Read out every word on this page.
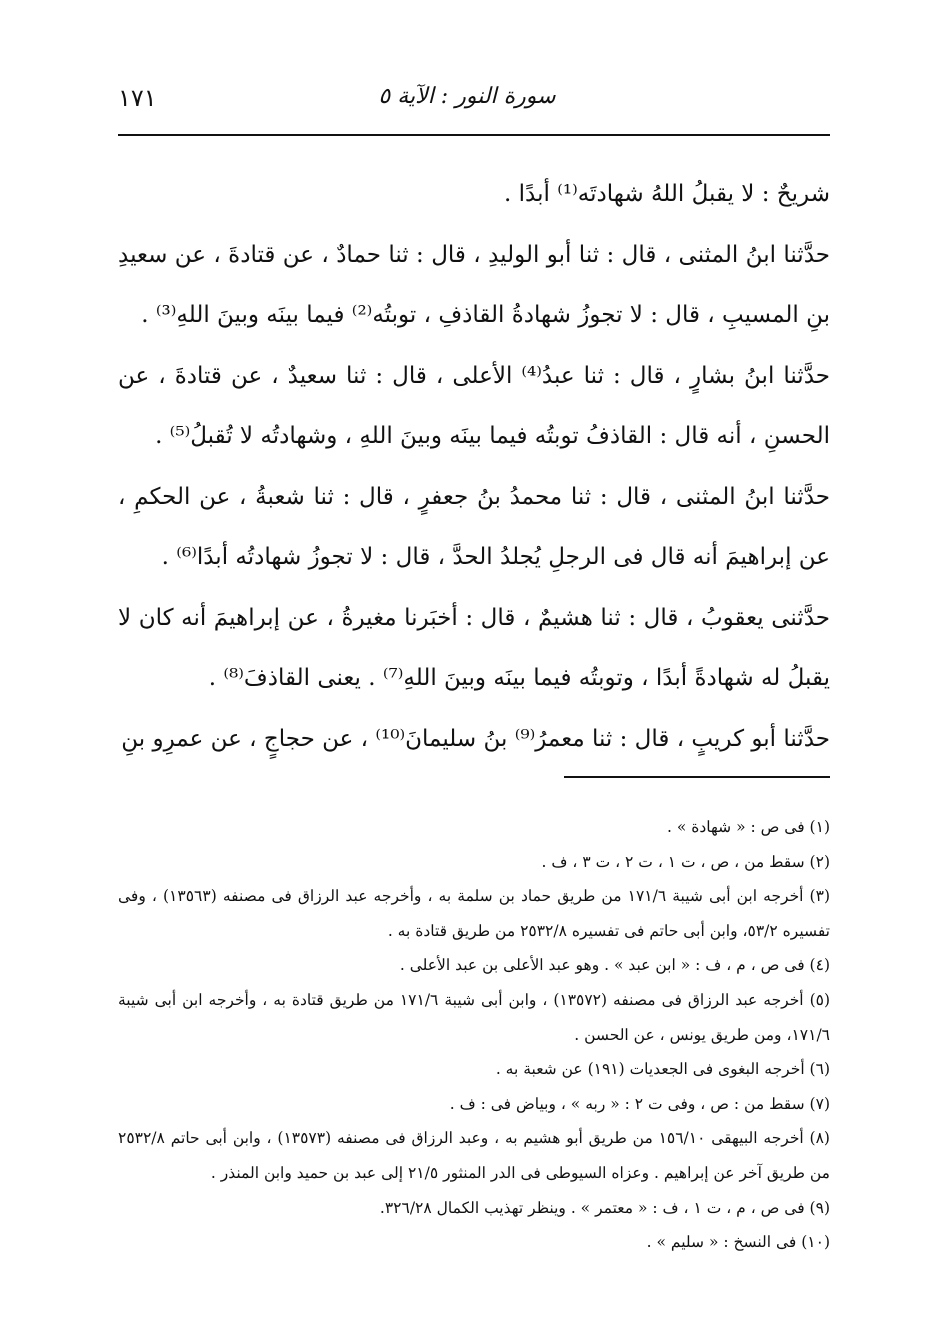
١٧١	سورة النور : الآية ٥

شريحٌ : لا يقبلُ اللهُ شهادتَه⁽¹⁾ أبدًا .

حدَّثنا ابنُ المثنى ، قال : ثنا أبو الوليدِ ، قال : ثنا حمادٌ ، عن قتادةَ ، عن سعيدِ بنِ المسيبِ ، قال : لا تجوزُ شهادةُ القاذفِ ، توبتُه⁽²⁾ فيما بينَه وبينَ اللهِ⁽³⁾ .

حدَّثنا ابنُ بشارٍ ، قال : ثنا عبدُ⁽⁴⁾ الأعلى ، قال : ثنا سعيدٌ ، عن قتادةَ ، عن الحسنِ ، أنه قال : القاذفُ توبتُه فيما بينَه وبينَ اللهِ ، وشهادتُه لا تُقبلُ⁽⁵⁾ .

حدَّثنا ابنُ المثنى ، قال : ثنا محمدُ بنُ جعفرٍ ، قال : ثنا شعبةُ ، عن الحكمِ ، عن إبراهيمَ أنه قال فى الرجلِ يُجلدُ الحدَّ ، قال : لا تجوزُ شهادتُه أبدًا⁽⁶⁾ .

حدَّثنى يعقوبُ ، قال : ثنا هشيمٌ ، قال : أخبَرنا مغيرةُ ، عن إبراهيمَ أنه كان لا يقبلُ له شهادةً أبدًا ، وتوبتُه فيما بينَه وبينَ اللهِ⁽⁷⁾ . يعنى القاذفَ⁽⁸⁾ .

حدَّثنا أبو كريبٍ ، قال : ثنا معمرُ⁽⁹⁾ بنُ سليمانَ⁽¹⁰⁾ ، عن حجاجٍ ، عن عمرِو بنِ

(١) فى ص : « شهادة » .

(٢) سقط من ، ص ، ت ١ ، ت ٢ ، ت ٣ ، ف .

(٣) أخرجه ابن أبى شيبة ١٧١/٦ من طريق حماد بن سلمة به ، وأخرجه عبد الرزاق فى مصنفه (١٣٥٦٣) ، وفى تفسيره ٥٣/٢، وابن أبى حاتم فى تفسيره ٢٥٣٢/٨ من طريق قتادة به .

(٤) فى ص ، م ، ف : « ابن عبد » . وهو عبد الأعلى بن عبد الأعلى .

(٥) أخرجه عبد الرزاق فى مصنفه (١٣٥٧٢) ، وابن أبى شيبة ١٧١/٦ من طريق قتادة به ، وأخرجه ابن أبى شيبة ١٧١/٦، ومن طريق يونس ، عن الحسن .

(٦) أخرجه البغوى فى الجعديات (١٩١) عن شعبة به .

(٧) سقط من : ص ، وفى ت ٢ : « ربه » ، وبياض فى : ف .

(٨) أخرجه البيهقى ١٥٦/١٠ من طريق أبو هشيم به ، وعبد الرزاق فى مصنفه (١٣٥٧٣) ، وابن أبى حاتم ٢٥٣٢/٨ من طريق آخر عن إبراهيم . وعزاه السيوطى فى الدر المنثور ٢١/٥ إلى عبد بن حميد وابن المنذر .

(٩) فى ص ، م ، ت ١ ، ف : « معتمر » . وينظر تهذيب الكمال ٣٢٦/٢٨.

(١٠) فى النسخ : « سليم » .
